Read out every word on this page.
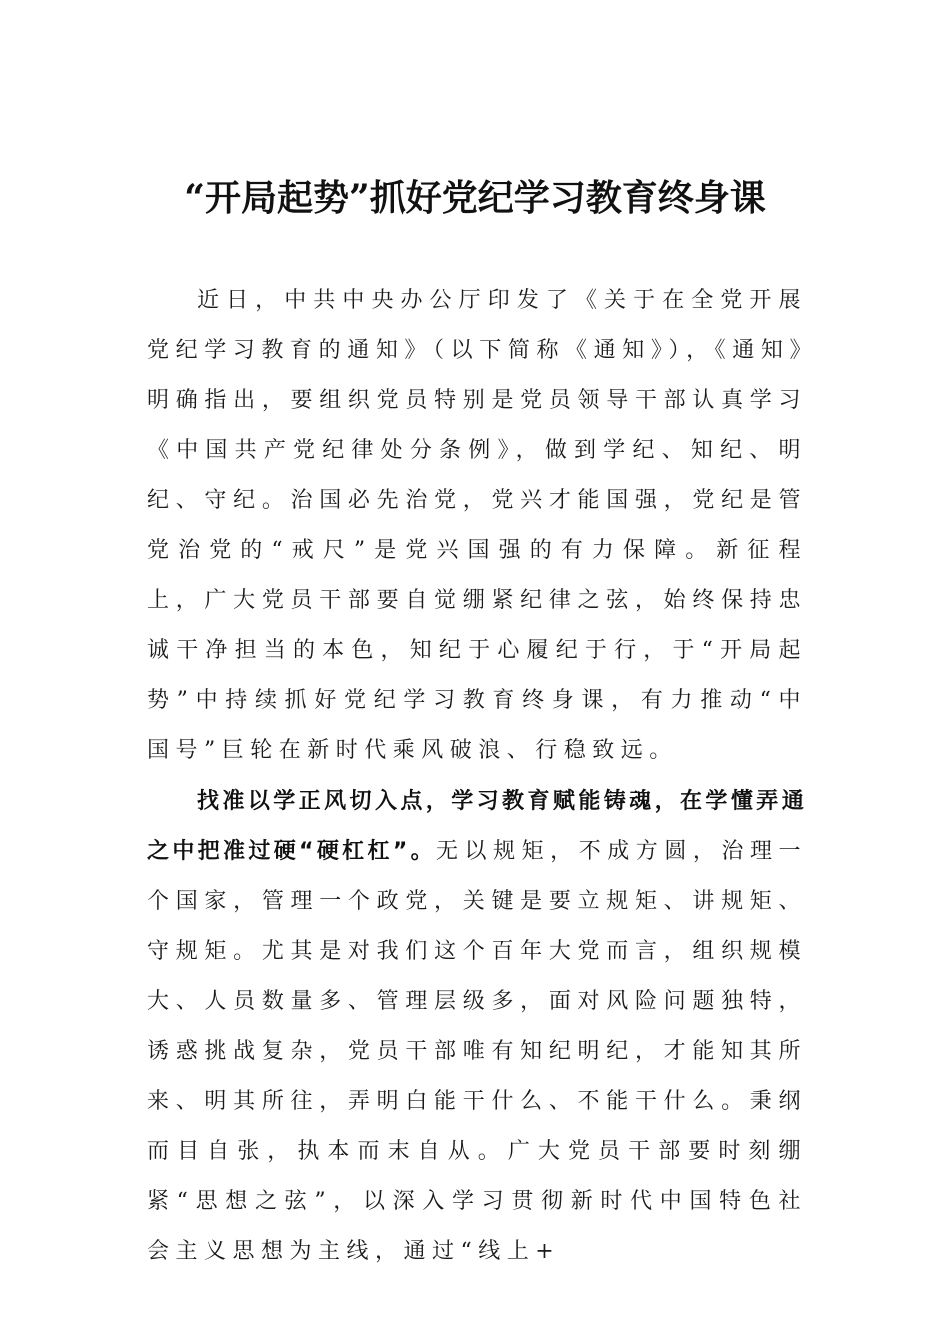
“开局起势”抓好党纪学习教育终身课

近日，中共中央办公厅印发了《关于在全党开展党纪学习教育的通知》（以下简称《通知》），《通知》明确指出，要组织党员特别是党员领导干部认真学习《中国共产党纪律处分条例》，做到学纪、知纪、明纪、守纪。治国必先治党，党兴才能国强，党纪是管党治党的“戒尺”是党兴国强的有力保障。新征程上，广大党员干部要自觉绷紧纪律之弦，始终保持忠诚干净担当的本色，知纪于心履纪于行，于“开局起势”中持续抓好党纪学习教育终身课，有力推动“中国号”巨轮在新时代乘风破浪、行稳致远。

找准以学正风切入点，学习教育赋能铸魂，在学懂弄通之中把准过硬“硬杠杠”。无以规矩，不成方圆，治理一个国家，管理一个政党，关键是要立规矩、讲规矩、守规矩。尤其是对我们这个百年大党而言，组织规模大、人员数量多、管理层级多，面对风险问题独特，诱惑挑战复杂，党员干部唯有知纪明纪，才能知其所来、明其所往，弄明白能干什么、不能干什么。秉纲而目自张，执本而末自从。广大党员干部要时刻绷紧“思想之弦”，以深入学习贯彻新时代中国特色社会主义思想为主线，通过“线上+
